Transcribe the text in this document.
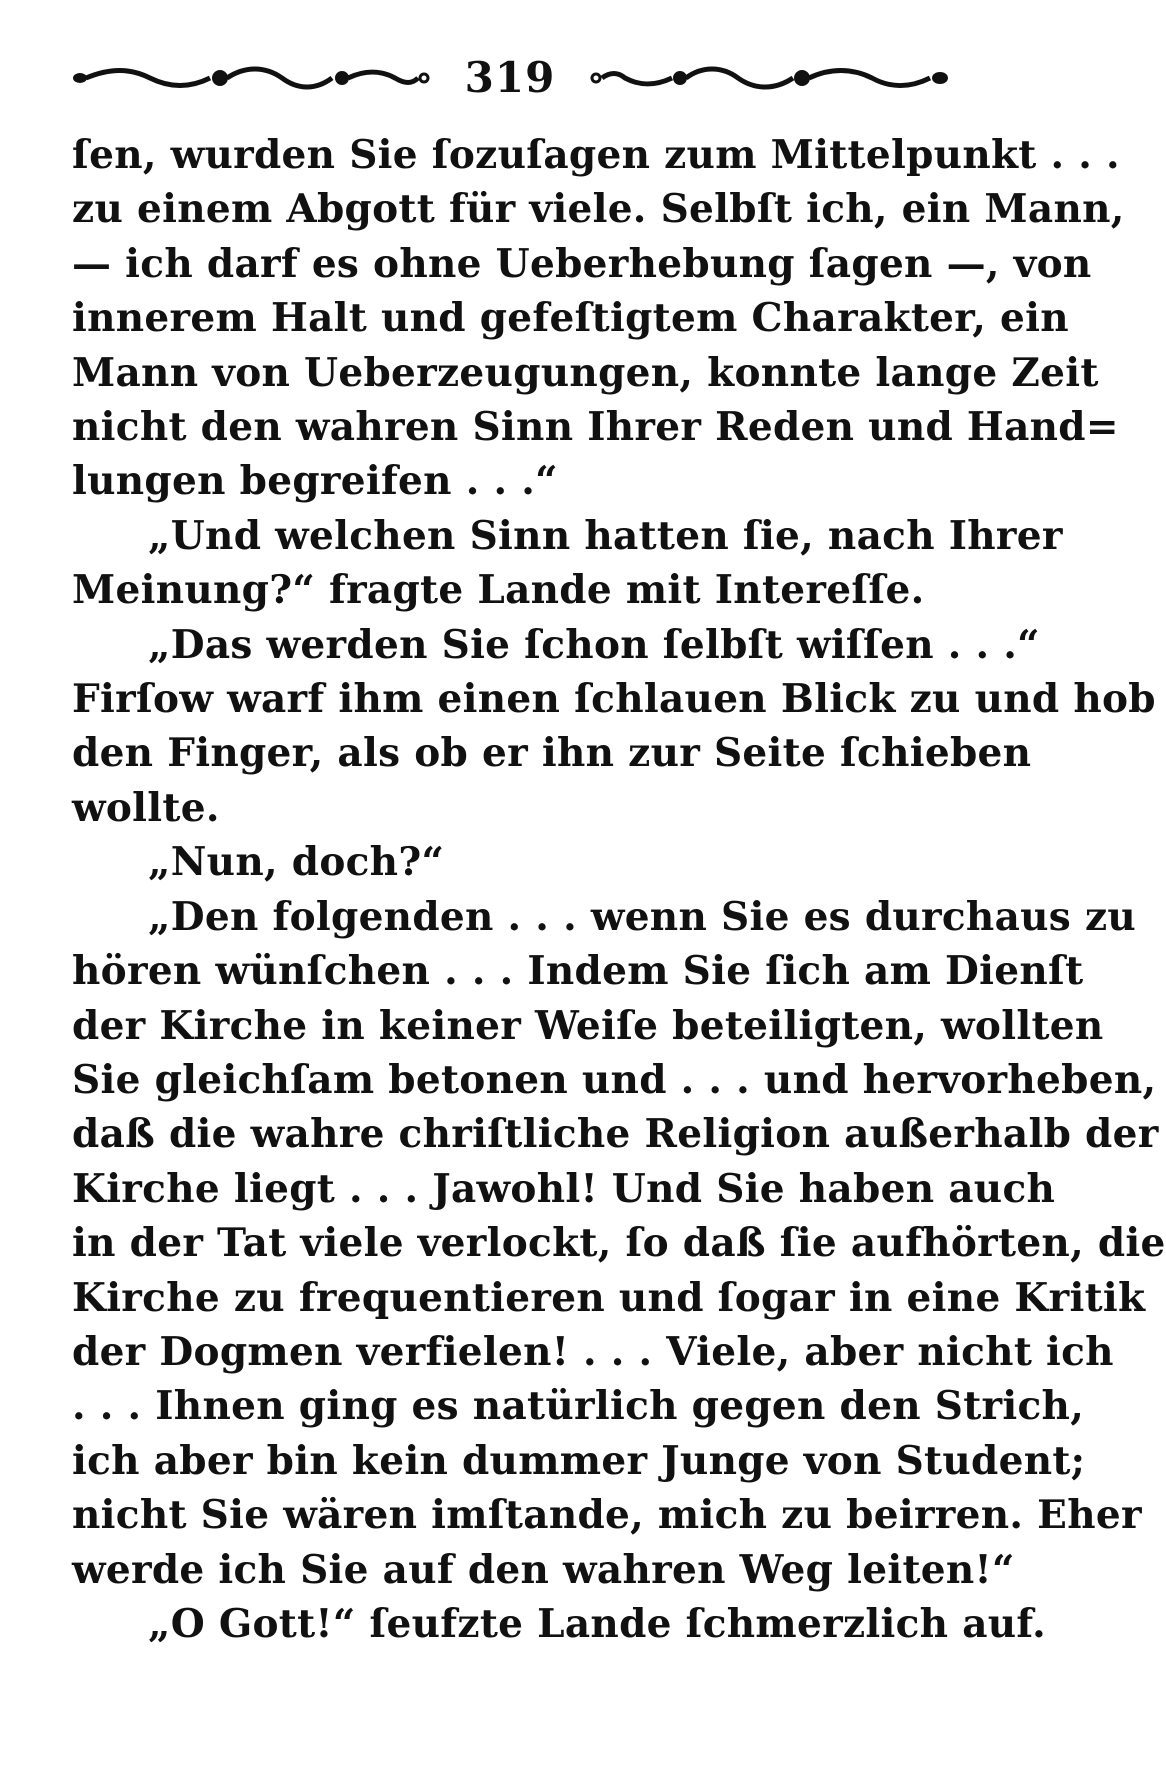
319
ſen, wurden Sie ſozuſagen zum Mittelpunkt . . .
zu einem Abgott für viele. Selbſt ich, ein Mann,
— ich darf es ohne Ueberhebung ſagen —, von
innerem Halt und gefeſtigtem Charakter, ein
Mann von Ueberzeugungen, konnte lange Zeit
nicht den wahren Sinn Ihrer Reden und Hand=
lungen begreifen . . .“
„Und welchen Sinn hatten ſie, nach Ihrer
Meinung?“ fragte Lande mit Intereſſe.
„Das werden Sie ſchon ſelbſt wiſſen . . .“
Firſow warf ihm einen ſchlauen Blick zu und hob
den Finger, als ob er ihn zur Seite ſchieben
wollte.
„Nun, doch?“
„Den folgenden . . . wenn Sie es durchaus zu
hören wünſchen . . . Indem Sie ſich am Dienſt
der Kirche in keiner Weiſe beteiligten, wollten
Sie gleichſam betonen und . . . und hervorheben,
daß die wahre chriſtliche Religion außerhalb der
Kirche liegt . . . Jawohl! Und Sie haben auch
in der Tat viele verlockt, ſo daß ſie aufhörten, die
Kirche zu frequentieren und ſogar in eine Kritik
der Dogmen verfielen! . . . Viele, aber nicht ich
. . . Ihnen ging es natürlich gegen den Strich,
ich aber bin kein dummer Junge von Student;
nicht Sie wären imſtande, mich zu beirren. Eher
werde ich Sie auf den wahren Weg leiten!“
„O Gott!“ ſeufzte Lande ſchmerzlich auf.
